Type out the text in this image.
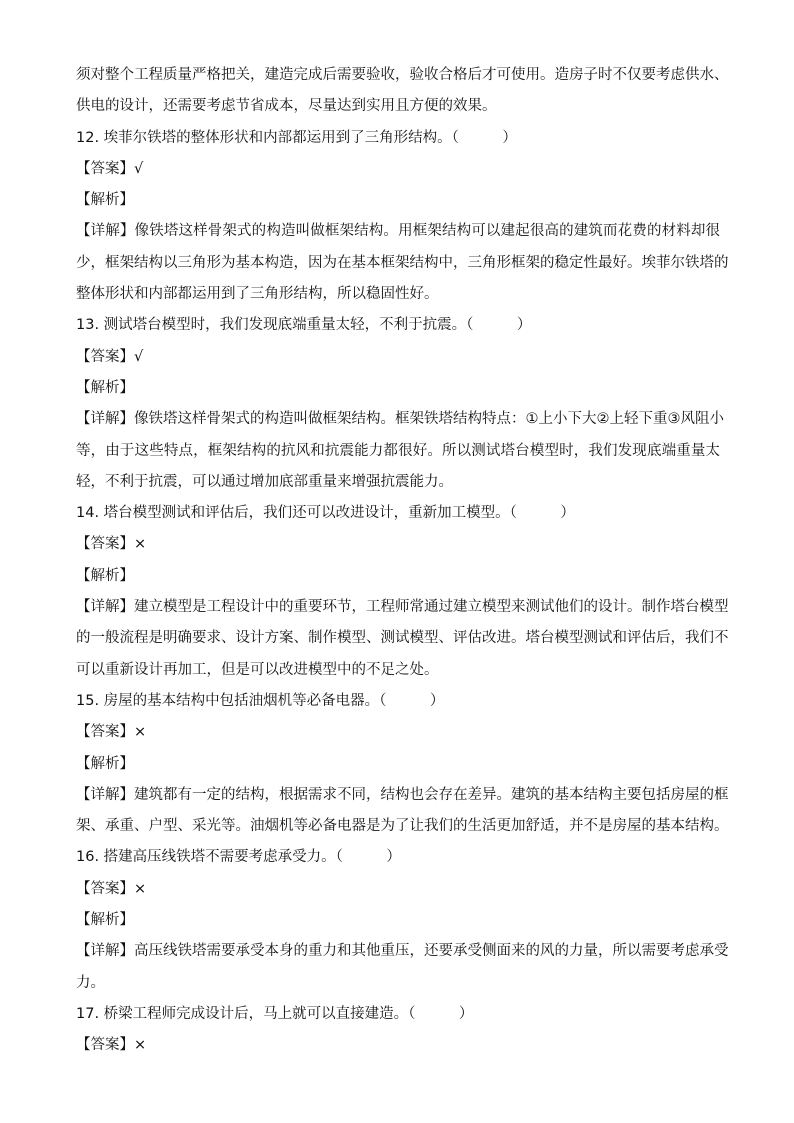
须对整个工程质量严格把关，建造完成后需要验收，验收合格后才可使用。造房子时不仅要考虑供水、
供电的设计，还需要考虑节省成本，尽量达到实用且方便的效果。
12. 埃菲尔铁塔的整体形状和内部都运用到了三角形结构。（　　　）
【答案】√
【解析】
【详解】像铁塔这样骨架式的构造叫做框架结构。用框架结构可以建起很高的建筑而花费的材料却很
少，框架结构以三角形为基本构造，因为在基本框架结构中，三角形框架的稳定性最好。埃菲尔铁塔的
整体形状和内部都运用到了三角形结构，所以稳固性好。
13. 测试塔台模型时，我们发现底端重量太轻，不利于抗震。（　　　）
【答案】√
【解析】
【详解】像铁塔这样骨架式的构造叫做框架结构。框架铁塔结构特点：①上小下大②上轻下重③风阻小
等，由于这些特点，框架结构的抗风和抗震能力都很好。所以测试塔台模型时，我们发现底端重量太
轻，不利于抗震，可以通过增加底部重量来增强抗震能力。
14. 塔台模型测试和评估后，我们还可以改进设计，重新加工模型。（　　　）
【答案】×
【解析】
【详解】建立模型是工程设计中的重要环节，工程师常通过建立模型来测试他们的设计。制作塔台模型
的一般流程是明确要求、设计方案、制作模型、测试模型、评估改进。塔台模型测试和评估后，我们不
可以重新设计再加工，但是可以改进模型中的不足之处。
15. 房屋的基本结构中包括油烟机等必备电器。（　　　）
【答案】×
【解析】
【详解】建筑都有一定的结构，根据需求不同，结构也会存在差异。建筑的基本结构主要包括房屋的框
架、承重、户型、采光等。油烟机等必备电器是为了让我们的生活更加舒适，并不是房屋的基本结构。
16. 搭建高压线铁塔不需要考虑承受力。（　　　）
【答案】×
【解析】
【详解】高压线铁塔需要承受本身的重力和其他重压，还要承受侧面来的风的力量，所以需要考虑承受
力。
17. 桥梁工程师完成设计后，马上就可以直接建造。（　　　）
【答案】×
